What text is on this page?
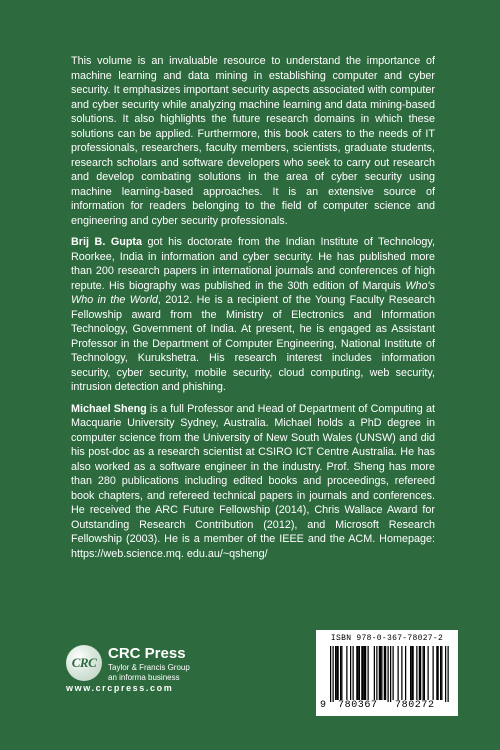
This volume is an invaluable resource to understand the importance of machine learning and data mining in establishing computer and cyber security. It emphasizes important security aspects associated with computer and cyber security while analyzing machine learning and data mining-based solutions. It also highlights the future research domains in which these solutions can be applied. Furthermore, this book caters to the needs of IT professionals, researchers, faculty members, scientists, graduate students, research scholars and software developers who seek to carry out research and develop combating solutions in the area of cyber security using machine learning-based approaches. It is an extensive source of information for readers belonging to the field of computer science and engineering and cyber security professionals.

Brij B. Gupta got his doctorate from the Indian Institute of Technology, Roorkee, India in information and cyber security. He has published more than 200 research papers in international journals and conferences of high repute. His biography was published in the 30th edition of Marquis Who's Who in the World, 2012. He is a recipient of the Young Faculty Research Fellowship award from the Ministry of Electronics and Information Technology, Government of India. At present, he is engaged as Assistant Professor in the Department of Computer Engineering, National Institute of Technology, Kurukshetra. His research interest includes information security, cyber security, mobile security, cloud computing, web security, intrusion detection and phishing.

Michael Sheng is a full Professor and Head of Department of Computing at Macquarie University Sydney, Australia. Michael holds a PhD degree in computer science from the University of New South Wales (UNSW) and did his post-doc as a research scientist at CSIRO ICT Centre Australia. He has also worked as a software engineer in the industry. Prof. Sheng has more than 280 publications including edited books and proceedings, refereed book chapters, and refereed technical papers in journals and conferences. He received the ARC Future Fellowship (2014), Chris Wallace Award for Outstanding Research Contribution (2012), and Microsoft Research Fellowship (2003). He is a member of the IEEE and the ACM. Homepage: https://web.science.mq. edu.au/~qsheng/

CRC
CRC Press
Taylor & Francis Group
an informa business
www.crcpress.com
ISBN 978-0-367-78027-2
9 780367 780272
